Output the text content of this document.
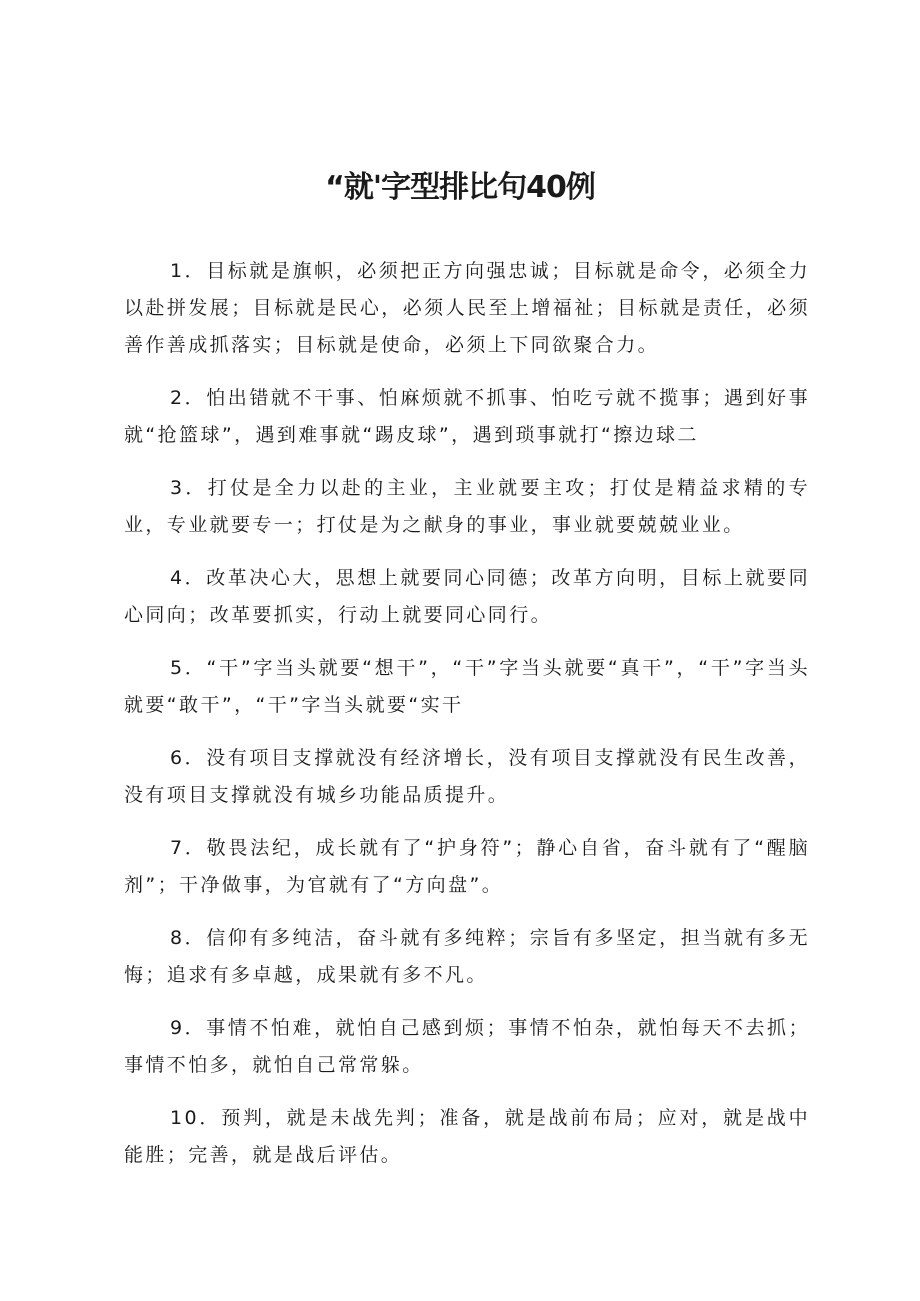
“就'字型排比句40例

1．目标就是旗帜，必须把正方向强忠诚；目标就是命令，必须全力以赴拼发展；目标就是民心，必须人民至上增福祉；目标就是责任，必须善作善成抓落实；目标就是使命，必须上下同欲聚合力。

2．怕出错就不干事、怕麻烦就不抓事、怕吃亏就不揽事；遇到好事就“抢篮球”，遇到难事就“踢皮球”，遇到琐事就打“擦边球二

3．打仗是全力以赴的主业，主业就要主攻；打仗是精益求精的专业，专业就要专一；打仗是为之献身的事业，事业就要兢兢业业。

4．改革决心大，思想上就要同心同德；改革方向明，目标上就要同心同向；改革要抓实，行动上就要同心同行。

5．“干”字当头就要“想干”，“干”字当头就要“真干”，“干”字当头就要“敢干”，“干”字当头就要“实干

6．没有项目支撑就没有经济增长，没有项目支撑就没有民生改善，没有项目支撑就没有城乡功能品质提升。

7．敬畏法纪，成长就有了“护身符”；静心自省，奋斗就有了“醒脑剂”；干净做事，为官就有了“方向盘”。

8．信仰有多纯洁，奋斗就有多纯粹；宗旨有多坚定，担当就有多无悔；追求有多卓越，成果就有多不凡。

9．事情不怕难，就怕自己感到烦；事情不怕杂，就怕每天不去抓；事情不怕多，就怕自己常常躲。

10．预判，就是未战先判；准备，就是战前布局；应对，就是战中能胜；完善，就是战后评估。
